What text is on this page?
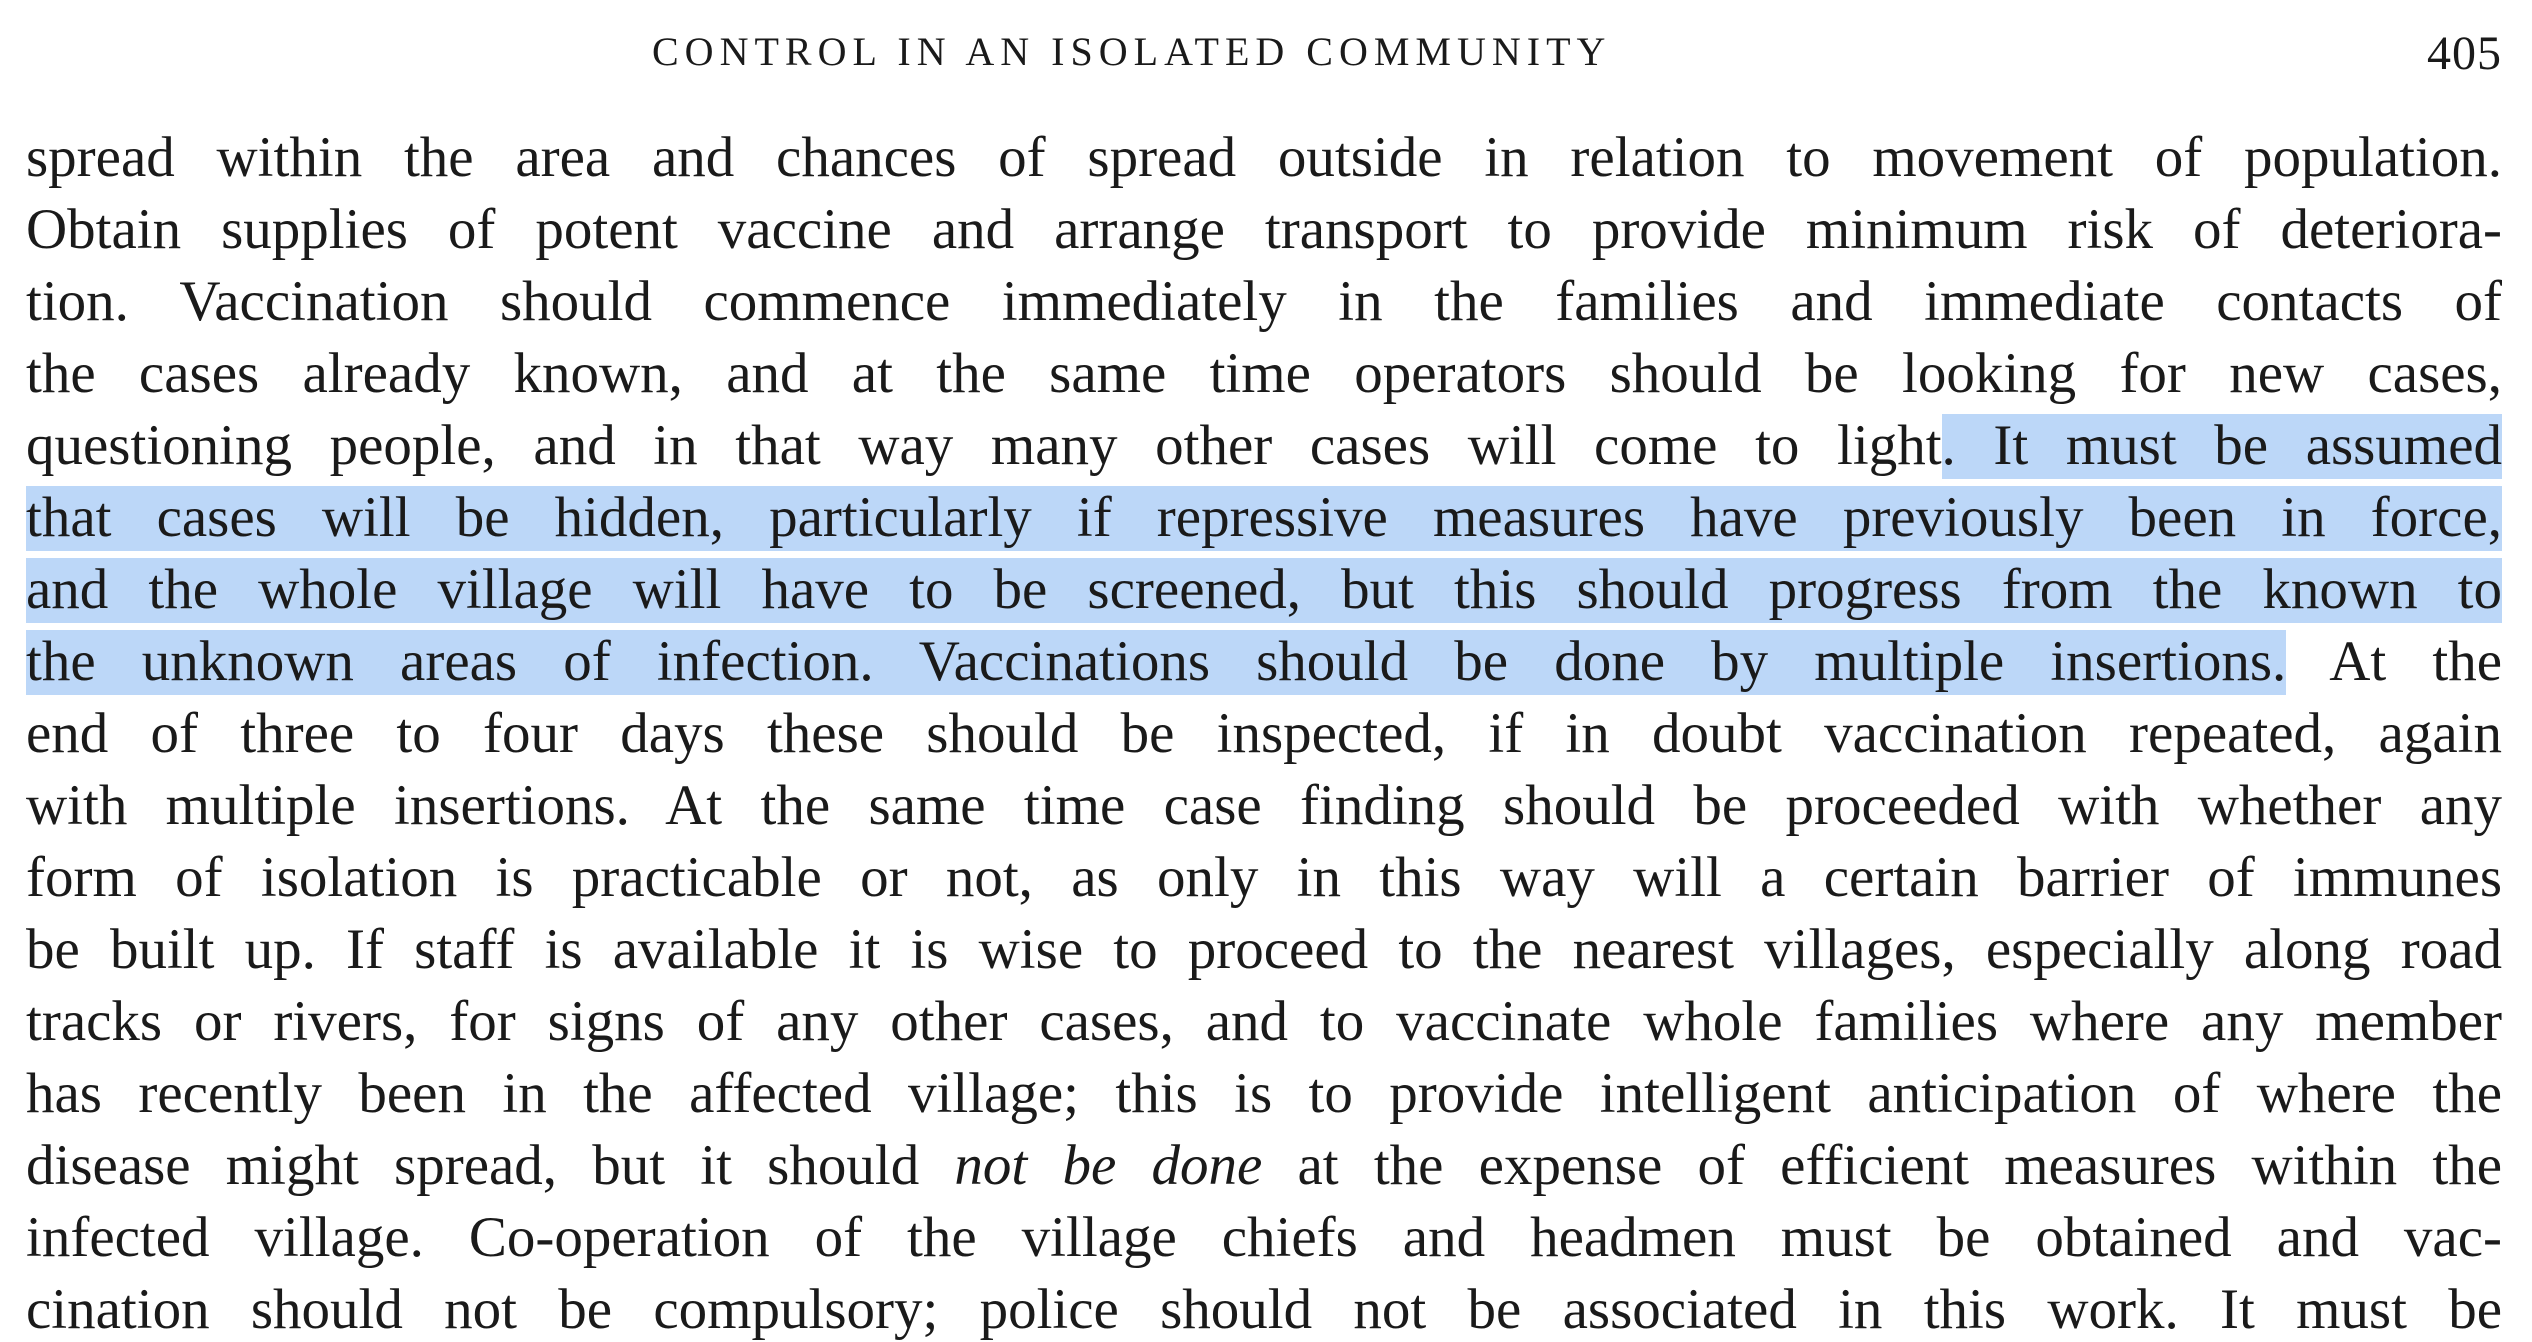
CONTROL IN AN ISOLATED COMMUNITY	405
spread within the area and chances of spread outside in relation to movement of population.
Obtain supplies of potent vaccine and arrange transport to provide minimum risk of deteriora-
tion. Vaccination should commence immediately in the families and immediate contacts of
the cases already known, and at the same time operators should be looking for new cases,
questioning people, and in that way many other cases will come to light. It must be assumed
that cases will be hidden, particularly if repressive measures have previously been in force,
and the whole village will have to be screened, but this should progress from the known to
the unknown areas of infection. Vaccinations should be done by multiple insertions. At the
end of three to four days these should be inspected, if in doubt vaccination repeated, again
with multiple insertions. At the same time case finding should be proceeded with whether any
form of isolation is practicable or not, as only in this way will a certain barrier of immunes
be built up. If staff is available it is wise to proceed to the nearest villages, especially along road
tracks or rivers, for signs of any other cases, and to vaccinate whole families where any member
has recently been in the affected village; this is to provide intelligent anticipation of where the
disease might spread, but it should not be done at the expense of efficient measures within the
infected village. Co-operation of the village chiefs and headmen must be obtained and vac-
cination should not be compulsory; police should not be associated in this work. It must be
